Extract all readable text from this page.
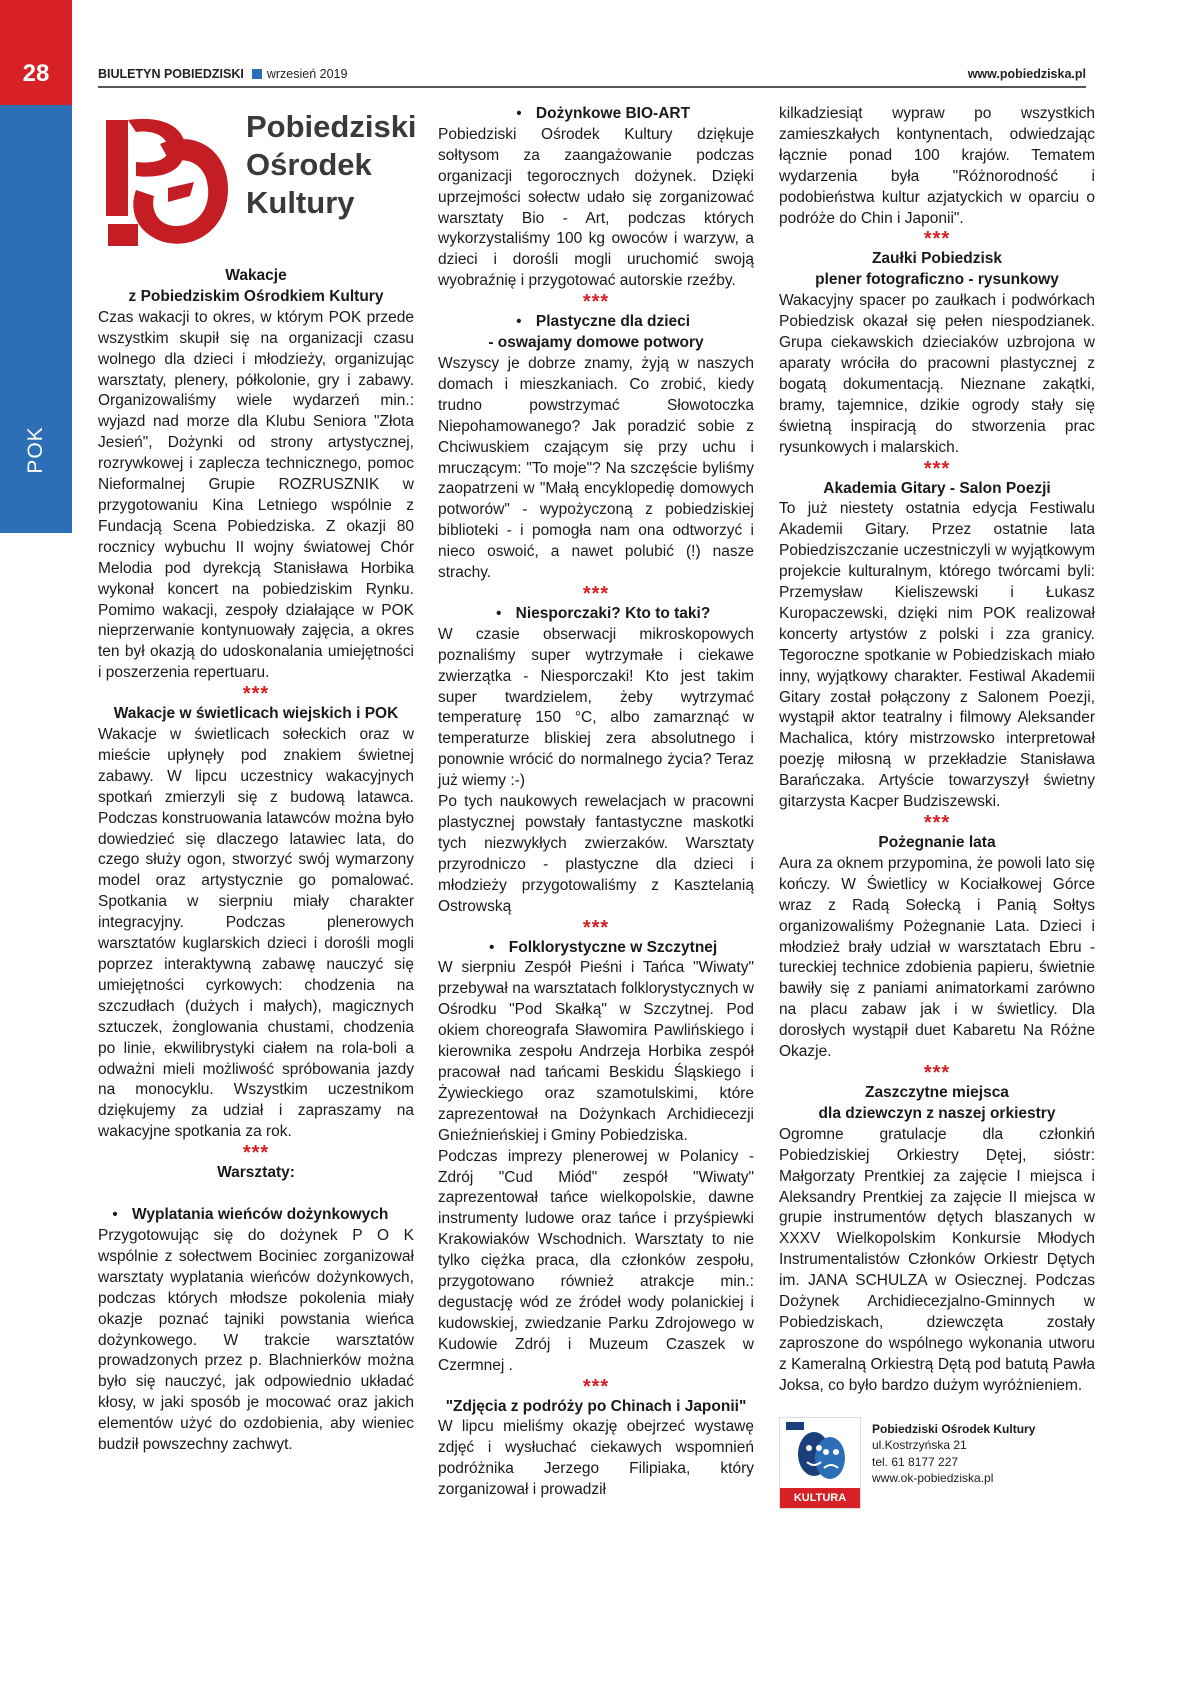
28
POK
BIULETYN POBIEDZISKI wrzesień 2019	www.pobiedziska.pl
Pobiedziski
Ośrodek
Kultury

Wakacje

z Pobiedziskim Ośrodkiem Kultury

Czas wakacji to okres, w którym POK przede wszystkim skupił się na organizacji czasu wolnego dla dzieci i młodzieży, organizując warsztaty, plenery, półkolonie, gry i zabawy. Organizowaliśmy wiele wydarzeń min.: wyjazd nad morze dla Klubu Seniora "Złota Jesień", Dożynki od strony artystycznej, rozrywkowej i zaplecza technicznego, pomoc Nieformalnej Grupie ROZRUSZNIK w przygotowaniu Kina Letniego wspólnie z Fundacją Scena Pobiedziska. Z okazji 80 rocznicy wybuchu II wojny światowej Chór Melodia pod dyrekcją Stanisława Horbika wykonał koncert na pobiedziskim Rynku. Pomimo wakacji, zespoły działające w POK nieprzerwanie kontynuowały zajęcia, a okres ten był okazją do udoskonalania umiejętności i poszerzenia repertuaru.

***

Wakacje w świetlicach wiejskich i POK

Wakacje w świetlicach sołeckich oraz w mieście upłynęły pod znakiem świetnej zabawy. W lipcu uczestnicy wakacyjnych spotkań zmierzyli się z budową latawca. Podczas konstruowania latawców można było dowiedzieć się dlaczego latawiec lata, do czego służy ogon, stworzyć swój wymarzony model oraz artystycznie go pomalować. Spotkania w sierpniu miały charakter integracyjny. Podczas plenerowych warsztatów kuglarskich dzieci i dorośli mogli poprzez interaktywną zabawę nauczyć się umiejętności cyrkowych: chodzenia na szczudłach (dużych i małych), magicznych sztuczek, żonglowania chustami, chodzenia po linie, ekwilibrystyki ciałem na rola-boli a odważni mieli możliwość spróbowania jazdy na monocyklu. Wszystkim uczestnikom dziękujemy za udział i zapraszamy na wakacyjne spotkania za rok.

***

Warsztaty:

• Wyplatania wieńców dożynkowych

Przygotowując się do dożynek P O K wspólnie z sołectwem Bociniec zorganizował warsztaty wyplatania wieńców dożynkowych, podczas których młodsze pokolenia miały okazje poznać tajniki powstania wieńca dożynkowego. W trakcie warsztatów prowadzonych przez p. Blachnierków można było się nauczyć, jak odpowiednio układać kłosy, w jaki sposób je mocować oraz jakich elementów użyć do ozdobienia, aby wieniec budził powszechny zachwyt.

• Dożynkowe BIO-ART

Pobiedziski Ośrodek Kultury dziękuje sołtysom za zaangażowanie podczas organizacji tegorocznych dożynek. Dzięki uprzejmości sołectw udało się zorganizować warsztaty Bio - Art, podczas których wykorzystaliśmy 100 kg owoców i warzyw, a dzieci i dorośli mogli uruchomić swoją wyobraźnię i przygotować autorskie rzeźby.

***

• Plastyczne dla dzieci

- oswajamy domowe potwory

Wszyscy je dobrze znamy, żyją w naszych domach i mieszkaniach. Co zrobić, kiedy trudno powstrzymać Słowotoczka Niepohamowanego? Jak poradzić sobie z Chciwuskiem czającym się przy uchu i mruczącym: "To moje"? Na szczęście byliśmy zaopatrzeni w "Małą encyklopedię domowych potworów" - wypożyczoną z pobiedziskiej biblioteki - i pomogła nam ona odtworzyć i nieco oswoić, a nawet polubić (!) nasze strachy.

***

• Niesporczaki? Kto to taki?

W czasie obserwacji mikroskopowych poznaliśmy super wytrzymałe i ciekawe zwierzątka - Niesporczaki! Kto jest takim super twardzielem, żeby wytrzymać temperaturę 150 °C, albo zamarznąć w temperaturze bliskiej zera absolutnego i ponownie wrócić do normalnego życia? Teraz już wiemy :-)

Po tych naukowych rewelacjach w pracowni plastycznej powstały fantastyczne maskotki tych niezwykłych zwierzaków. Warsztaty przyrodniczo - plastyczne dla dzieci i młodzieży przygotowaliśmy z Kasztelanią Ostrowską

***

• Folklorystyczne w Szczytnej

W sierpniu Zespół Pieśni i Tańca "Wiwaty" przebywał na warsztatach folklorystycznych w Ośrodku "Pod Skałką" w Szczytnej. Pod okiem choreografa Sławomira Pawlińskiego i kierownika zespołu Andrzeja Horbika zespół pracował nad tańcami Beskidu Śląskiego i Żywieckiego oraz szamotulskimi, które zaprezentował na Dożynkach Archidiecezji Gnieźnieńskiej i Gminy Pobiedziska.

Podczas imprezy plenerowej w Polanicy - Zdrój "Cud Miód" zespół "Wiwaty" zaprezentował tańce wielkopolskie, dawne instrumenty ludowe oraz tańce i przyśpiewki Krakowiaków Wschodnich. Warsztaty to nie tylko ciężka praca, dla członków zespołu, przygotowano również atrakcje min.: degustację wód ze źródeł wody polanickiej i kudowskiej, zwiedzanie Parku Zdrojowego w Kudowie Zdrój i Muzeum Czaszek w Czermnej .

***

"Zdjęcia z podróży po Chinach i Japonii"

W lipcu mieliśmy okazję obejrzeć wystawę zdjęć i wysłuchać ciekawych wspomnień podróżnika Jerzego Filipiaka, który zorganizował i prowadził

kilkadziesiąt wypraw po wszystkich zamieszkałych kontynentach, odwiedzając łącznie ponad 100 krajów. Tematem wydarzenia była "Różnorodność i podobieństwa kultur azjatyckich w oparciu o podróże do Chin i Japonii".

***

Zaułki Pobiedzisk

plener fotograficzno - rysunkowy

Wakacyjny spacer po zaułkach i podwórkach Pobiedzisk okazał się pełen niespodzianek. Grupa ciekawskich dzieciaków uzbrojona w aparaty wróciła do pracowni plastycznej z bogatą dokumentacją. Nieznane zakątki, bramy, tajemnice, dzikie ogrody stały się świetną inspiracją do stworzenia prac rysunkowych i malarskich.

***

Akademia Gitary - Salon Poezji

To już niestety ostatnia edycja Festiwalu Akademii Gitary. Przez ostatnie lata Pobiedziszczanie uczestniczyli w wyjątkowym projekcie kulturalnym, którego twórcami byli: Przemysław Kieliszewski i Łukasz Kuropaczewski, dzięki nim POK realizował koncerty artystów z polski i zza granicy. Tegoroczne spotkanie w Pobiedziskach miało inny, wyjątkowy charakter. Festiwal Akademii Gitary został połączony z Salonem Poezji, wystąpił aktor teatralny i filmowy Aleksander Machalica, który mistrzowsko interpretował poezję miłosną w przekładzie Stanisława Barańczaka. Artyście towarzyszył świetny gitarzysta Kacper Budziszewski.

***

Pożegnanie lata

Aura za oknem przypomina, że powoli lato się kończy. W Świetlicy w Kociałkowej Górce wraz z Radą Sołecką i Panią Sołtys organizowaliśmy Pożegnanie Lata. Dzieci i młodzież brały udział w warsztatach Ebru - tureckiej technice zdobienia papieru, świetnie bawiły się z paniami animatorkami zarówno na placu zabaw jak i w świetlicy. Dla dorosłych wystąpił duet Kabaretu Na Różne Okazje.

***

Zaszczytne miejsca

dla dziewczyn z naszej orkiestry

Ogromne gratulacje dla członkiń Pobiedziskiej Orkiestry Dętej, sióstr: Małgorzaty Prentkiej za zajęcie I miejsca i Aleksandry Prentkiej za zajęcie II miejsca w grupie instrumentów dętych blaszanych w XXXV Wielkopolskim Konkursie Młodych Instrumentalistów Członków Orkiestr Dętych im. JANA SCHULZA w Osiecznej. Podczas Dożynek Archidiecezjalno-Gminnych w Pobiedziskach, dziewczęta zostały zaproszone do wspólnego wykonania utworu z Kameralną Orkiestrą Dętą pod batutą Pawła Joksa, co było bardzo dużym wyróżnieniem.

KULTURA
Pobiedziski Ośrodek Kultury
ul.Kostrzyńska 21
tel. 61 8177 227
www.ok-pobiedziska.pl
